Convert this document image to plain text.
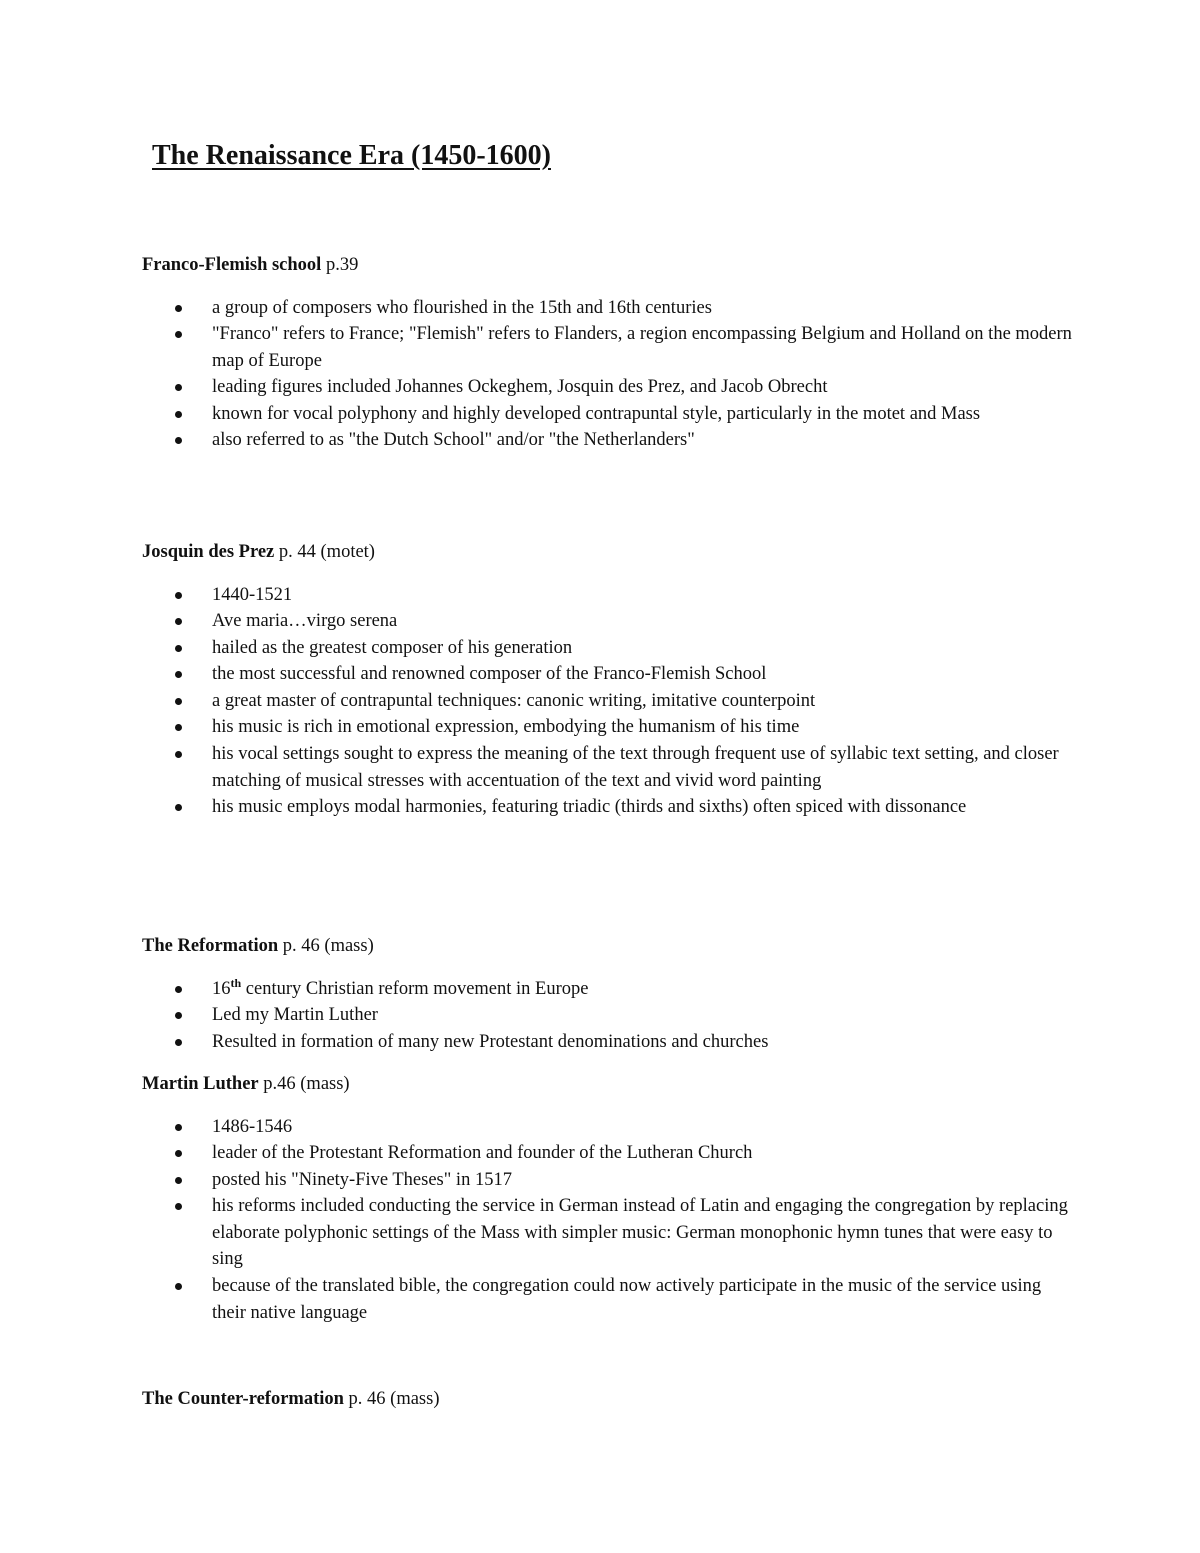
The Renaissance Era (1450-1600)

Franco-Flemish school p.39

a group of composers who flourished in the 15th and 16th centuries
"Franco" refers to France; "Flemish" refers to Flanders, a region encompassing Belgium and Holland on the modern map of Europe
leading figures included Johannes Ockeghem, Josquin des Prez, and Jacob Obrecht
known for vocal polyphony and highly developed contrapuntal style, particularly in the motet and Mass
also referred to as "the Dutch School" and/or "the Netherlanders"

Josquin des Prez p. 44 (motet)

1440-1521
Ave maria…virgo serena
hailed as the greatest composer of his generation
the most successful and renowned composer of the Franco-Flemish School
a great master of contrapuntal techniques: canonic writing, imitative counterpoint
his music is rich in emotional expression, embodying the humanism of his time
his vocal settings sought to express the meaning of the text through frequent use of syllabic text setting, and closer matching of musical stresses with accentuation of the text and vivid word painting
his music employs modal harmonies, featuring triadic (thirds and sixths) often spiced with dissonance

The Reformation p. 46 (mass)

16th century Christian reform movement in Europe
Led my Martin Luther
Resulted in formation of many new Protestant denominations and churches

Martin Luther p.46 (mass)

1486-1546
leader of the Protestant Reformation and founder of the Lutheran Church
posted his "Ninety-Five Theses" in 1517
his reforms included conducting the service in German instead of Latin and engaging the congregation by replacing elaborate polyphonic settings of the Mass with simpler music: German monophonic hymn tunes that were easy to sing
because of the translated bible, the congregation could now actively participate in the music of the service using their native language

The Counter-reformation p. 46 (mass)
